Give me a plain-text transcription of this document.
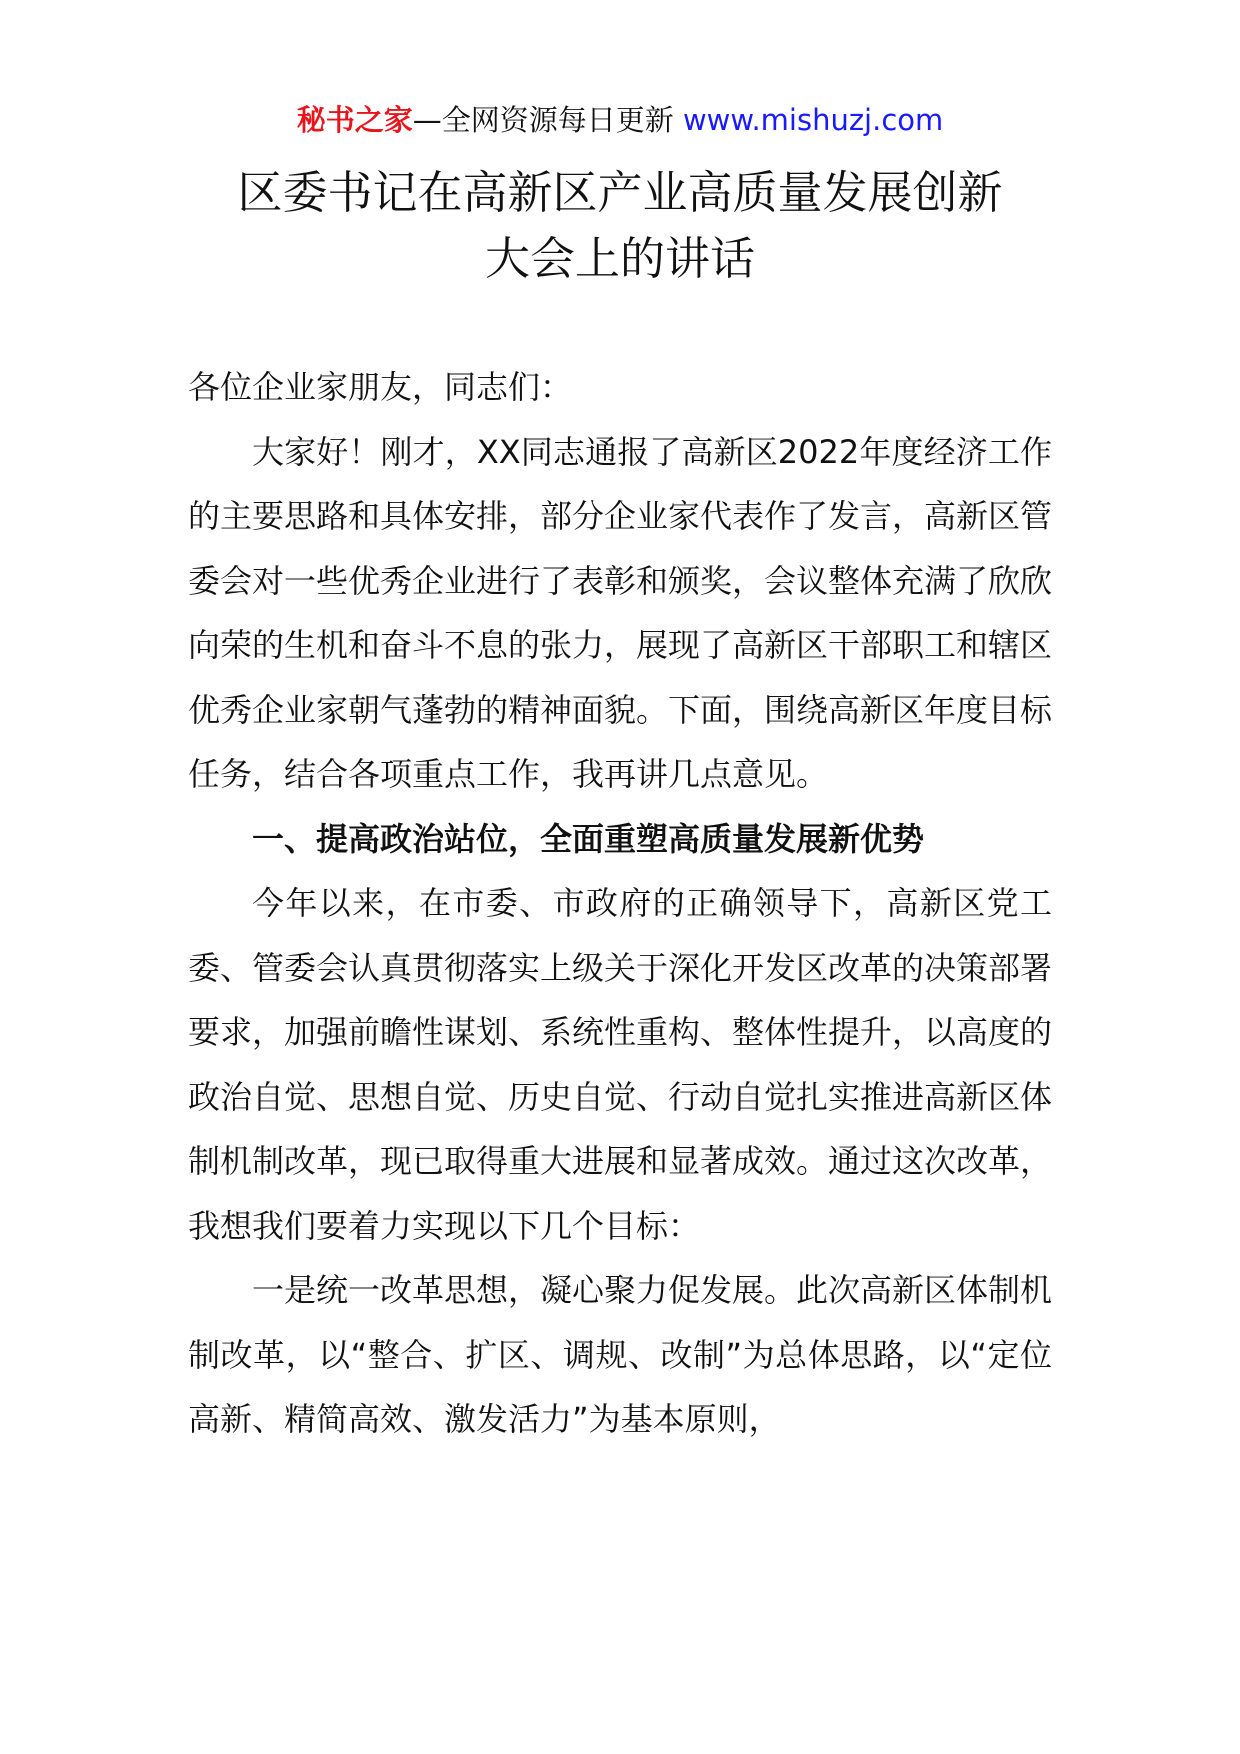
秘书之家—全网资源每日更新 www.mishuzj.com
区委书记在高新区产业高质量发展创新
大会上的讲话

各位企业家朋友，同志们：

大家好！刚才，XX同志通报了高新区2022年度经济工作的主要思路和具体安排，部分企业家代表作了发言，高新区管委会对一些优秀企业进行了表彰和颁奖，会议整体充满了欣欣向荣的生机和奋斗不息的张力，展现了高新区干部职工和辖区优秀企业家朝气蓬勃的精神面貌。下面，围绕高新区年度目标任务，结合各项重点工作，我再讲几点意见。

一、提高政治站位，全面重塑高质量发展新优势

今年以来，在市委、市政府的正确领导下，高新区党工委、管委会认真贯彻落实上级关于深化开发区改革的决策部署要求，加强前瞻性谋划、系统性重构、整体性提升，以高度的政治自觉、思想自觉、历史自觉、行动自觉扎实推进高新区体制机制改革，现已取得重大进展和显著成效。通过这次改革，我想我们要着力实现以下几个目标：

一是统一改革思想，凝心聚力促发展。此次高新区体制机制改革，以“整合、扩区、调规、改制”为总体思路，以“定位高新、精简高效、激发活力”为基本原则，
